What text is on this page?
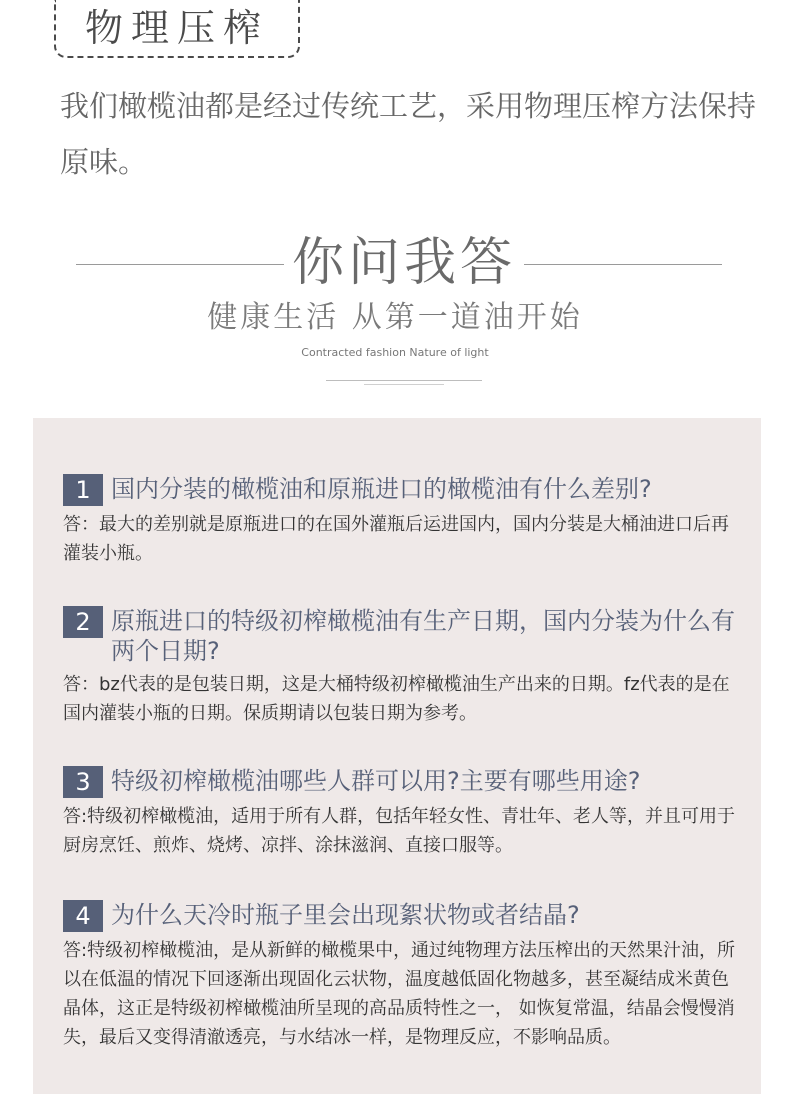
物理压榨

我们橄榄油都是经过传统工艺，采用物理压榨方法保持原味。

你问我答
健康生活 从第一道油开始
Contracted fashion Nature of light
1 国内分装的橄榄油和原瓶进口的橄榄油有什么差别?
答：最大的差别就是原瓶进口的在国外灌瓶后运进国内，国内分装是大桶油进口后再灌装小瓶。
2 原瓶进口的特级初榨橄榄油有生产日期，国内分装为什么有两个日期?
答：bz代表的是包装日期，这是大桶特级初榨橄榄油生产出来的日期。fz代表的是在国内灌装小瓶的日期。保质期请以包装日期为参考。
3 特级初榨橄榄油哪些人群可以用?主要有哪些用途?
答:特级初榨橄榄油，适用于所有人群，包括年轻女性、青壮年、老人等，并且可用于厨房烹饪、煎炸、烧烤、凉拌、涂抹滋润、直接口服等。
4 为什么天冷时瓶子里会出现絮状物或者结晶?
答:特级初榨橄榄油，是从新鲜的橄榄果中，通过纯物理方法压榨出的天然果汁油，所以在低温的情况下回逐渐出现固化云状物，温度越低固化物越多，甚至凝结成米黄色晶体，这正是特级初榨橄榄油所呈现的高品质特性之一， 如恢复常温，结晶会慢慢消失，最后又变得清澈透亮，与水结冰一样，是物理反应，不影响品质。
